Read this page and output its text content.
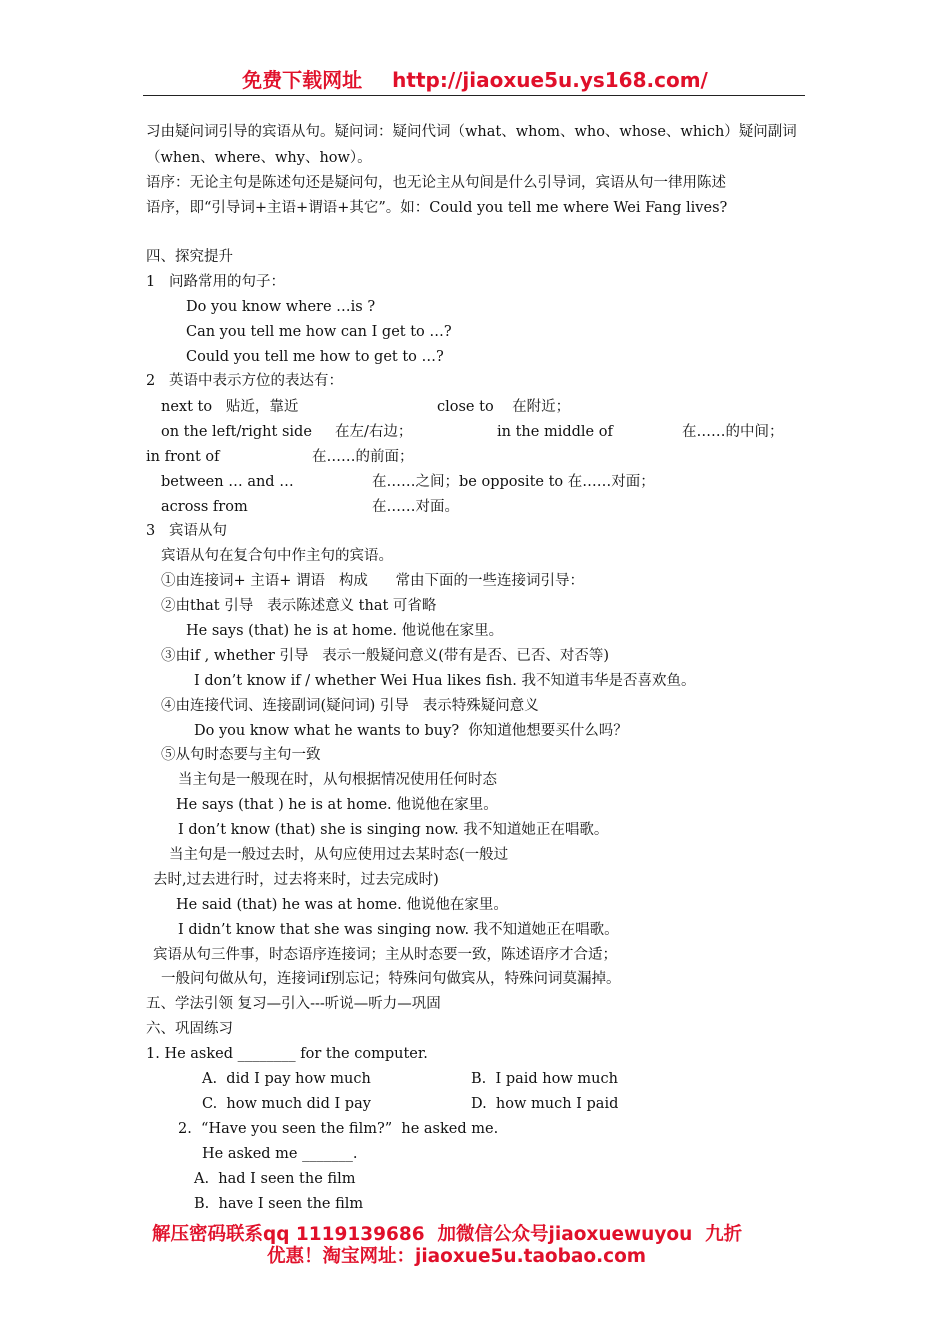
免费下载网址 http://jiaoxue5u.ys168.com/
习由疑问词引导的宾语从句。疑问词：疑问代词（what、whom、who、whose、which）疑问副词
（when、where、why、how）。
语序：无论主句是陈述句还是疑问句，也无论主从句间是什么引导词，宾语从句一律用陈述
语序，即“引导词+主语+谓语+其它”。如：Could you tell me where Wei Fang lives?
四、探究提升
1   问路常用的句子：
Do you know where …is ?
Can you tell me how can I get to …?
Could you tell me how to get to …?
2   英语中表示方位的表达有：
next to   贴近，靠近	close to    在附近；
on the left/right side     在左/右边；	in the middle of	在……的中间；
in front of	在……的前面；
between … and …	在……之间；be opposite to 在……对面；
across from	在……对面。
3   宾语从句
宾语从句在复合句中作主句的宾语。
①由连接词+ 主语+ 谓语   构成      常由下面的一些连接词引导：
②由that 引导   表示陈述意义 that 可省略
He says (that) he is at home. 他说他在家里。
③由if , whether 引导   表示一般疑问意义(带有是否、已否、对否等)
I don’t know if / whether Wei Hua likes fish. 我不知道韦华是否喜欢鱼。
④由连接代词、连接副词(疑问词) 引导   表示特殊疑问意义
Do you know what he wants to buy?  你知道他想要买什么吗？
⑤从句时态要与主句一致
当主句是一般现在时，从句根据情况使用任何时态
He says (that ) he is at home. 他说他在家里。
I don’t know (that) she is singing now. 我不知道她正在唱歌。
当主句是一般过去时，从句应使用过去某时态(一般过
去时,过去进行时，过去将来时，过去完成时)
He said (that) he was at home. 他说他在家里。
I didn’t know that she was singing now. 我不知道她正在唱歌。
宾语从句三件事，时态语序连接词；主从时态要一致，陈述语序才合适；
一般问句做从句，连接词if别忘记；特殊问句做宾从，特殊问词莫漏掉。
五、学法引领 复习—引入---听说—听力—巩固
六、巩固练习
1. He asked ________ for the computer.
A.  did I pay how much	B.  I paid how much
C.  how much did I pay	D.  how much I paid
2.  “Have you seen the film?”  he asked me.
He asked me _______.
A.  had I seen the film
B.  have I seen the film
解压密码联系qq 1119139686  加微信公众号jiaoxuewuyou  九折
优惠！淘宝网址：jiaoxue5u.taobao.com
